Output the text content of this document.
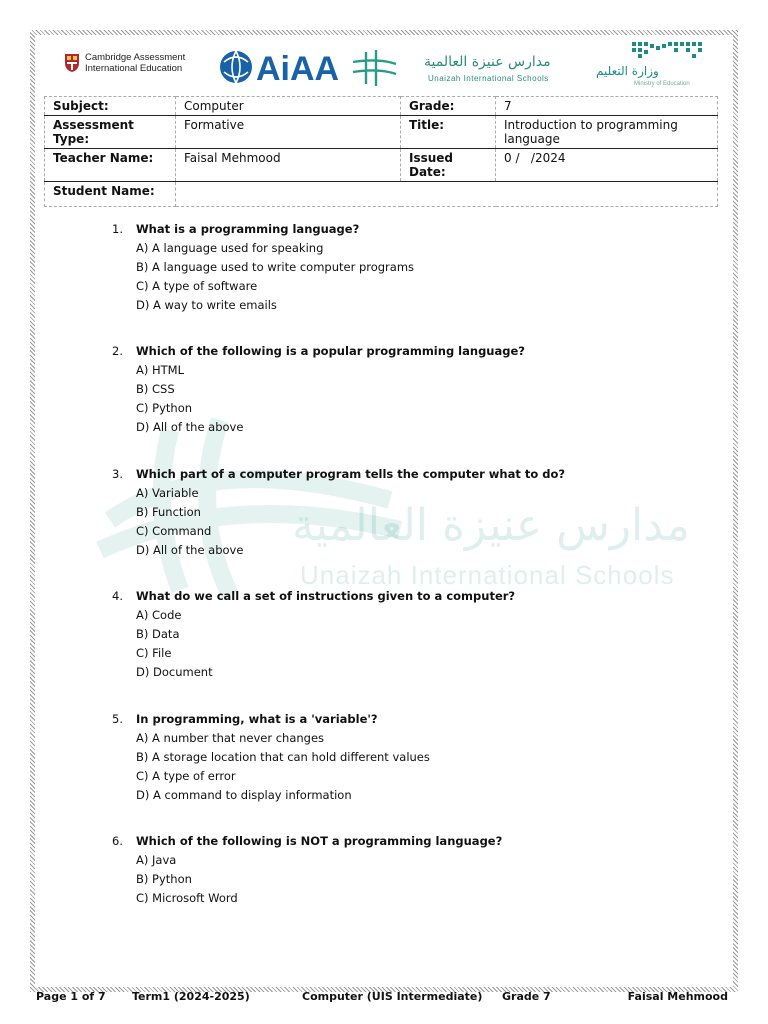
Cambridge Assessment
International Education AiAA	مدارس عنيزة العالمية
Unaizah International Schools
وزارة التعليم
Ministry of Education
Subject:	Computer	Grade:	7
Assessment Type:	Formative	Title:	Introduction to programming language
Teacher Name:	Faisal Mehmood	Issued Date:	0 /   /2024
Student Name:			
مدارس عنيزة العالمية
Unaizah International Schools
1.	What is a programming language?
A) A language used for speaking
B) A language used to write computer programs
C) A type of software
D) A way to write emails
2.	Which of the following is a popular programming language?
A) HTML
B) CSS
C) Python
D) All of the above
3.	Which part of a computer program tells the computer what to do?
A) Variable
B) Function
C) Command
D) All of the above
4.	What do we call a set of instructions given to a computer?
A) Code
B) Data
C) File
D) Document
5.	In programming, what is a 'variable'?
A) A number that never changes
B) A storage location that can hold different values
C) A type of error
D) A command to display information
6.	Which of the following is NOT a programming language?
A) Java
B) Python
C) Microsoft Word
Page 1 of 7 Term1 (2024-2025)	Computer (UIS Intermediate) Grade 7	Faisal Mehmood
